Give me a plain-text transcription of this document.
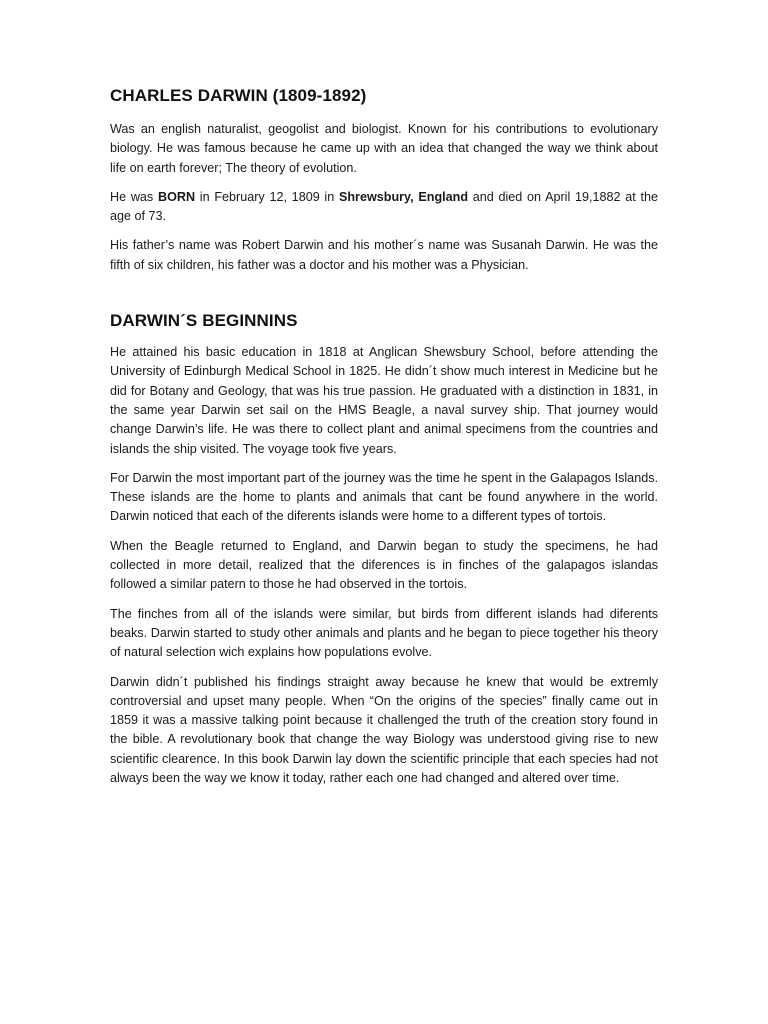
CHARLES DARWIN (1809-1892)

Was an english naturalist, geogolist and biologist. Known for his contributions to evolutionary biology. He was famous because he came up with an idea that changed the way we think about life on earth forever; The theory of evolution.

He was BORN in February 12, 1809 in Shrewsbury, England and died on April 19,1882 at the age of 73.

His father’s name was Robert Darwin and his mother´s name was Susanah Darwin. He was the fifth of six children, his father was a doctor and his mother was a Physician.

DARWIN´S BEGINNINS

He attained his basic education in 1818 at Anglican Shewsbury School, before attending the University of Edinburgh Medical School in 1825. He didn´t show much interest in Medicine but he did for Botany and Geology, that was his true passion. He graduated with a distinction in 1831, in the same year Darwin set sail on the HMS Beagle, a naval survey ship. That journey would change Darwin’s life. He was there to collect plant and animal specimens from the countries and islands the ship visited. The voyage took five years.

For Darwin the most important part of the journey was the time he spent in the Galapagos Islands. These islands are the home to plants and animals that cant be found anywhere in the world. Darwin noticed that each of the diferents islands were home to a different types of tortois.

When the Beagle returned to England, and Darwin began to study the specimens, he had collected in more detail, realized that the diferences is in finches of the galapagos islandas followed a similar patern to those he had observed in the tortois.

The finches from all of the islands were similar, but birds from different islands had diferents beaks. Darwin started to study other animals and plants and he began to piece together his theory of natural selection wich explains how populations evolve.

Darwin didn´t published his findings straight away because he knew that would be extremly controversial and upset many people. When “On the origins of the species” finally came out in 1859 it was a massive talking point because it challenged the truth of the creation story found in the bible. A revolutionary book that change the way Biology was understood giving rise to new scientific clearence. In this book Darwin lay down the scientific principle that each species had not always been the way we know it today, rather each one had changed and altered over time.
